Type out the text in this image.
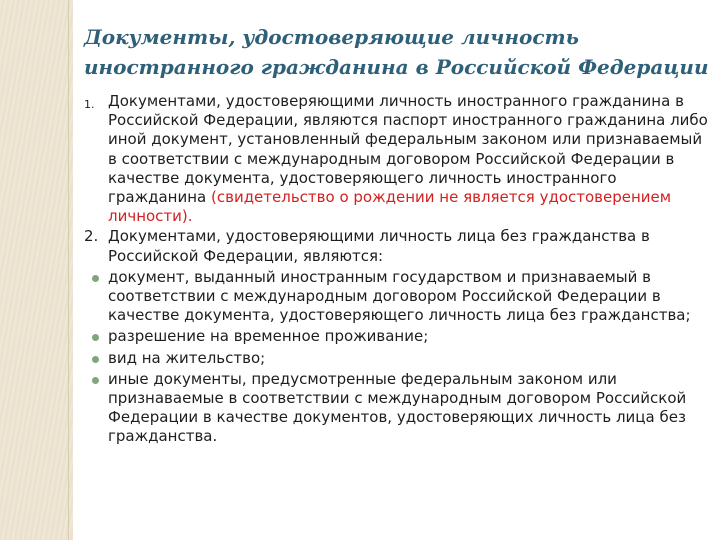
Документы, удостоверяющие личность иностранного гражданина в Российской Федерации
1. Документами, удостоверяющими личность иностранного гражданина в Российской Федерации, являются паспорт иностранного гражданина либо иной документ, установленный федеральным законом или признаваемый в соответствии с международным договором Российской Федерации в качестве документа, удостоверяющего личность иностранного гражданина (свидетельство о рождении не является удостоверением личности).
2. Документами, удостоверяющими личность лица без гражданства в Российской Федерации, являются:
документ, выданный иностранным государством и признаваемый в соответствии с международным договором Российской Федерации в качестве документа, удостоверяющего личность лица без гражданства;
разрешение на временное проживание;
вид на жительство;
иные документы, предусмотренные федеральным законом или признаваемые в соответствии с международным договором Российской Федерации в качестве документов, удостоверяющих личность лица без гражданства.
